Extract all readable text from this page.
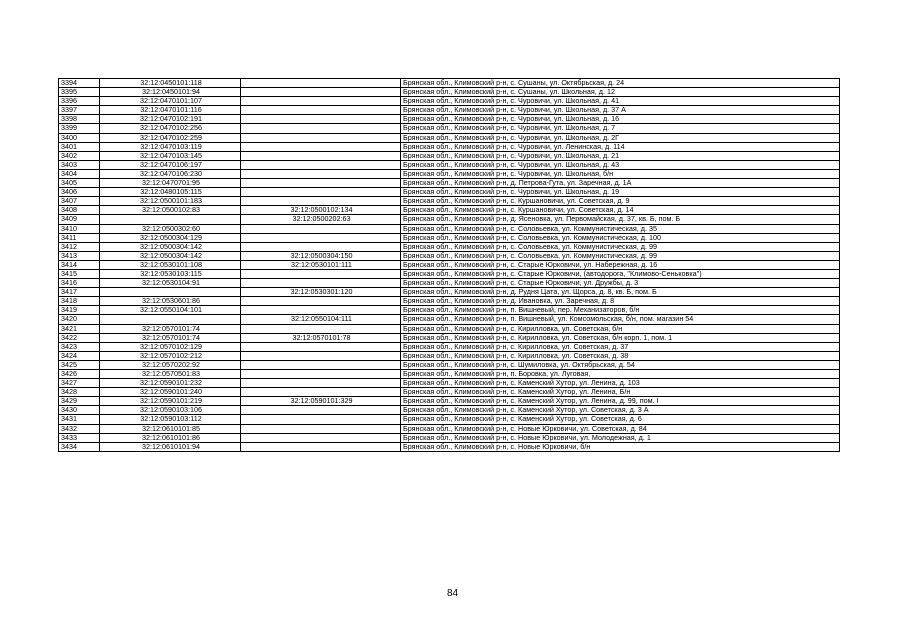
3394	32:12:0450101:118		Брянская обл., Климовский р-н, с. Сушаны, ул. Октябрьская, д. 24
3395	32:12:0450101:94		Брянская обл., Климовский р-н, с. Сушаны, ул. Школьная, д. 12
3396	32:12:0470101:107		Брянская обл., Климовский р-н, с. Чуровичи, ул. Школьная, д. 41
3397	32:12:0470101:116		Брянская обл., Климовский р-н, с. Чуровичи, ул. Школьная, д. 37 А
3398	32:12:0470102:191		Брянская обл., Климовский р-н, с. Чуровичи, ул. Школьная, д. 16
3399	32:12:0470102:256		Брянская обл., Климовский р-н, с. Чуровичи, ул. Школьная, д. 7
3400	32:12:0470102:259		Брянская обл., Климовский р-н, с. Чуровичи, ул. Школьная, д. 2Г
3401	32:12:0470103:119		Брянская обл., Климовский р-н, с. Чуровичи, ул. Ленинская, д. 114
3402	32:12:0470103:145		Брянская обл., Климовский р-н, с. Чуровичи, ул. Школьная, д. 21
3403	32:12:0470106:197		Брянская обл., Климовский р-н, с. Чуровичи, ул. Школьная, д. 43
3404	32:12:0470106:230		Брянская обл., Климовский р-н, с. Чуровичи, ул. Школьная, б/н
3405	32:12:0470701:95		Брянская обл., Климовский р-н, д. Петрова-Гута, ул. Заречная, д. 1А
3406	32:12:0480105:115		Брянская обл., Климовский р-н, с. Чуровичи, ул. Школьная, д. 19
3407	32:12:0500101:183		Брянская обл., Климовский р-н, с. Куршановичи, ул. Советская, д. 9
3408	32:12:0500102:83	32:12:0500102:134	Брянская обл., Климовский р-н, с. Куршановичи, ул. Советская, д. 14
3409		32:12:0500202:63	Брянская обл., Климовский р-н, д. Ясеновка, ул. Первомайская, д. 37, кв. Б, пом. Б
3410	32:12:0500302:60		Брянская обл., Климовский р-н, с. Соловьевка, ул. Коммунистическая, д. 35
3411	32:12:0500304:129		Брянская обл., Климовский р-н, с. Соловьевка, ул. Коммунистическая, д. 100
3412	32:12:0500304:142		Брянская обл., Климовский р-н, с. Соловьевка, ул. Коммунистическая, д. 99
3413	32:12:0500304:142	32:12:0500304:150	Брянская обл., Климовский р-н, с. Соловьевка, ул. Коммунистическая, д. 99
3414	32:12:0530101:108	32:12:0530101:111	Брянская обл., Климовский р-н, с. Старые Юрковичи, ул. Набережная, д. 16
3415	32:12:0530103:115		Брянская обл., Климовский р-н, с. Старые Юрковичи, (автодорога, "Климово-Сеньковка")
3416	32:12:0530104:91		Брянская обл., Климовский р-н, с. Старые Юрковичи, ул. Дружбы, д. 3
3417		32:12:0530301:120	Брянская обл., Климовский р-н, д. Рудня Цата, ул. Щорса, д. 8, кв. Б, пом. Б
3418	32:12:0530601:86		Брянская обл., Климовский р-н, д. Ивановка, ул. Заречная, д. 8
3419	32:12:0550104:101		Брянская обл., Климовский р-н, п. Вишневый, пер. Механизаторов, б/н
3420		32:12:0550104:111	Брянская обл., Климовский р-н, п. Вишневый, ул. Комсомольская, б/н, пом. магазин 54
3421	32:12:0570101:74		Брянская обл., Климовский р-н, с. Кирилловка, ул. Советская, б/н
3422	32:12:0570101:74	32:12:0570101:78	Брянская обл., Климовский р-н, с. Кирилловка, ул. Советская, б/н корп. 1, пом. 1
3423	32:12:0570102:129		Брянская обл., Климовский р-н, с. Кирилловка, ул. Советская, д. 37
3424	32:12:0570102:212		Брянская обл., Климовский р-н, с. Кирилловка, ул. Советская, д. 38
3425	32:12:0570202:92		Брянская обл., Климовский р-н, с. Шумиловка, ул. Октябрьская, д. 54
3426	32:12:0570501:83		Брянская обл., Климовский р-н, п. Боровка, ул. Луговая,
3427	32:12:0590101:232		Брянская обл., Климовский р-н, с. Каменский Хутор, ул. Ленина, д. 103
3428	32:12:0590101:240		Брянская обл., Климовский р-н, с. Каменский Хутор, ул. Ленина, Б/н
3429	32:12:0590101:219	32:12:0590101:329	Брянская обл., Климовский р-н, с. Каменский Хутор, ул. Ленина, д. 99, пом. I
3430	32:12:0590103:106		Брянская обл., Климовский р-н, с. Каменский Хутор, ул. Советская, д. 3 А
3431	32:12:0590103:112		Брянская обл., Климовский р-н, с. Каменский Хутор, ул. Советская, д. 6
3432	32:12:0610101:85		Брянская обл., Климовский р-н, с. Новые Юрковичи, ул. Советская, д. 84
3433	32:12:0610101:86		Брянская обл., Климовский р-н, с. Новые Юрковичи, ул. Молодежная, д. 1
3434	32:12:0610101:94		Брянская обл., Климовский р-н, с. Новые Юрковичи, б/н
84
